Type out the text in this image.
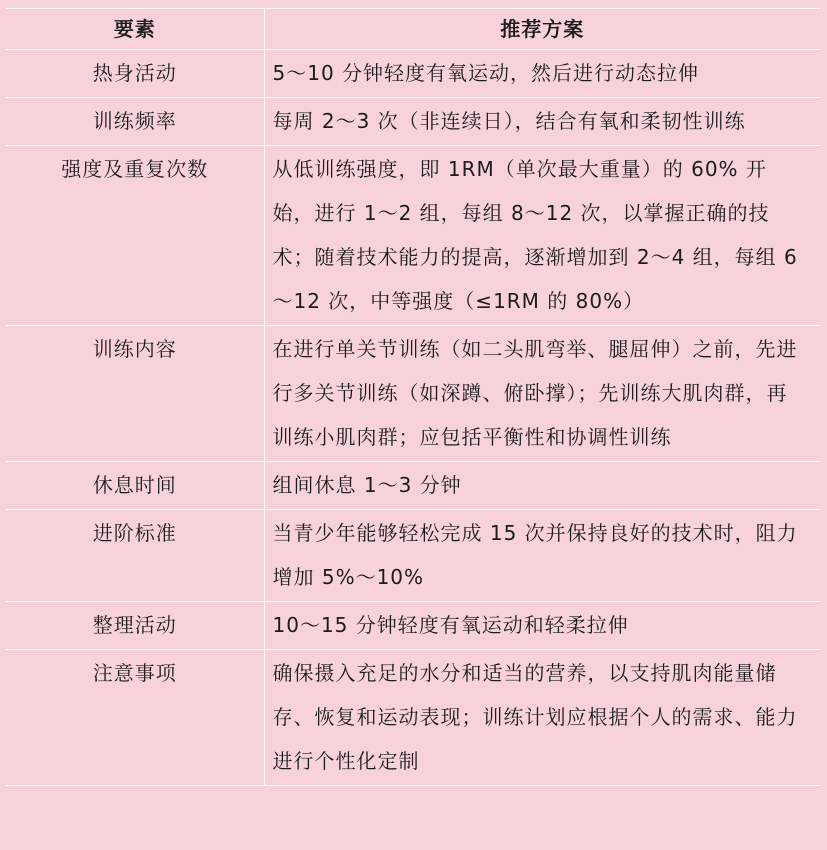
要素	推荐方案
热身活动	5～10 分钟轻度有氧运动，然后进行动态拉伸
训练频率	每周 2～3 次（非连续日），结合有氧和柔韧性训练
强度及重复次数	从低训练强度，即 1RM（单次最大重量）的 60% 开始，进行 1～2 组，每组 8～12 次，以掌握正确的技术；随着技术能力的提高，逐渐增加到 2～4 组，每组 6～12 次，中等强度（≤1RM 的 80%）
训练内容	在进行单关节训练（如二头肌弯举、腿屈伸）之前，先进行多关节训练（如深蹲、俯卧撑）；先训练大肌肉群，再训练小肌肉群；应包括平衡性和协调性训练
休息时间	组间休息 1～3 分钟
进阶标准	当青少年能够轻松完成 15 次并保持良好的技术时，阻力增加 5%～10%
整理活动	10～15 分钟轻度有氧运动和轻柔拉伸
注意事项	确保摄入充足的水分和适当的营养，以支持肌肉能量储存、恢复和运动表现；训练计划应根据个人的需求、能力进行个性化定制
